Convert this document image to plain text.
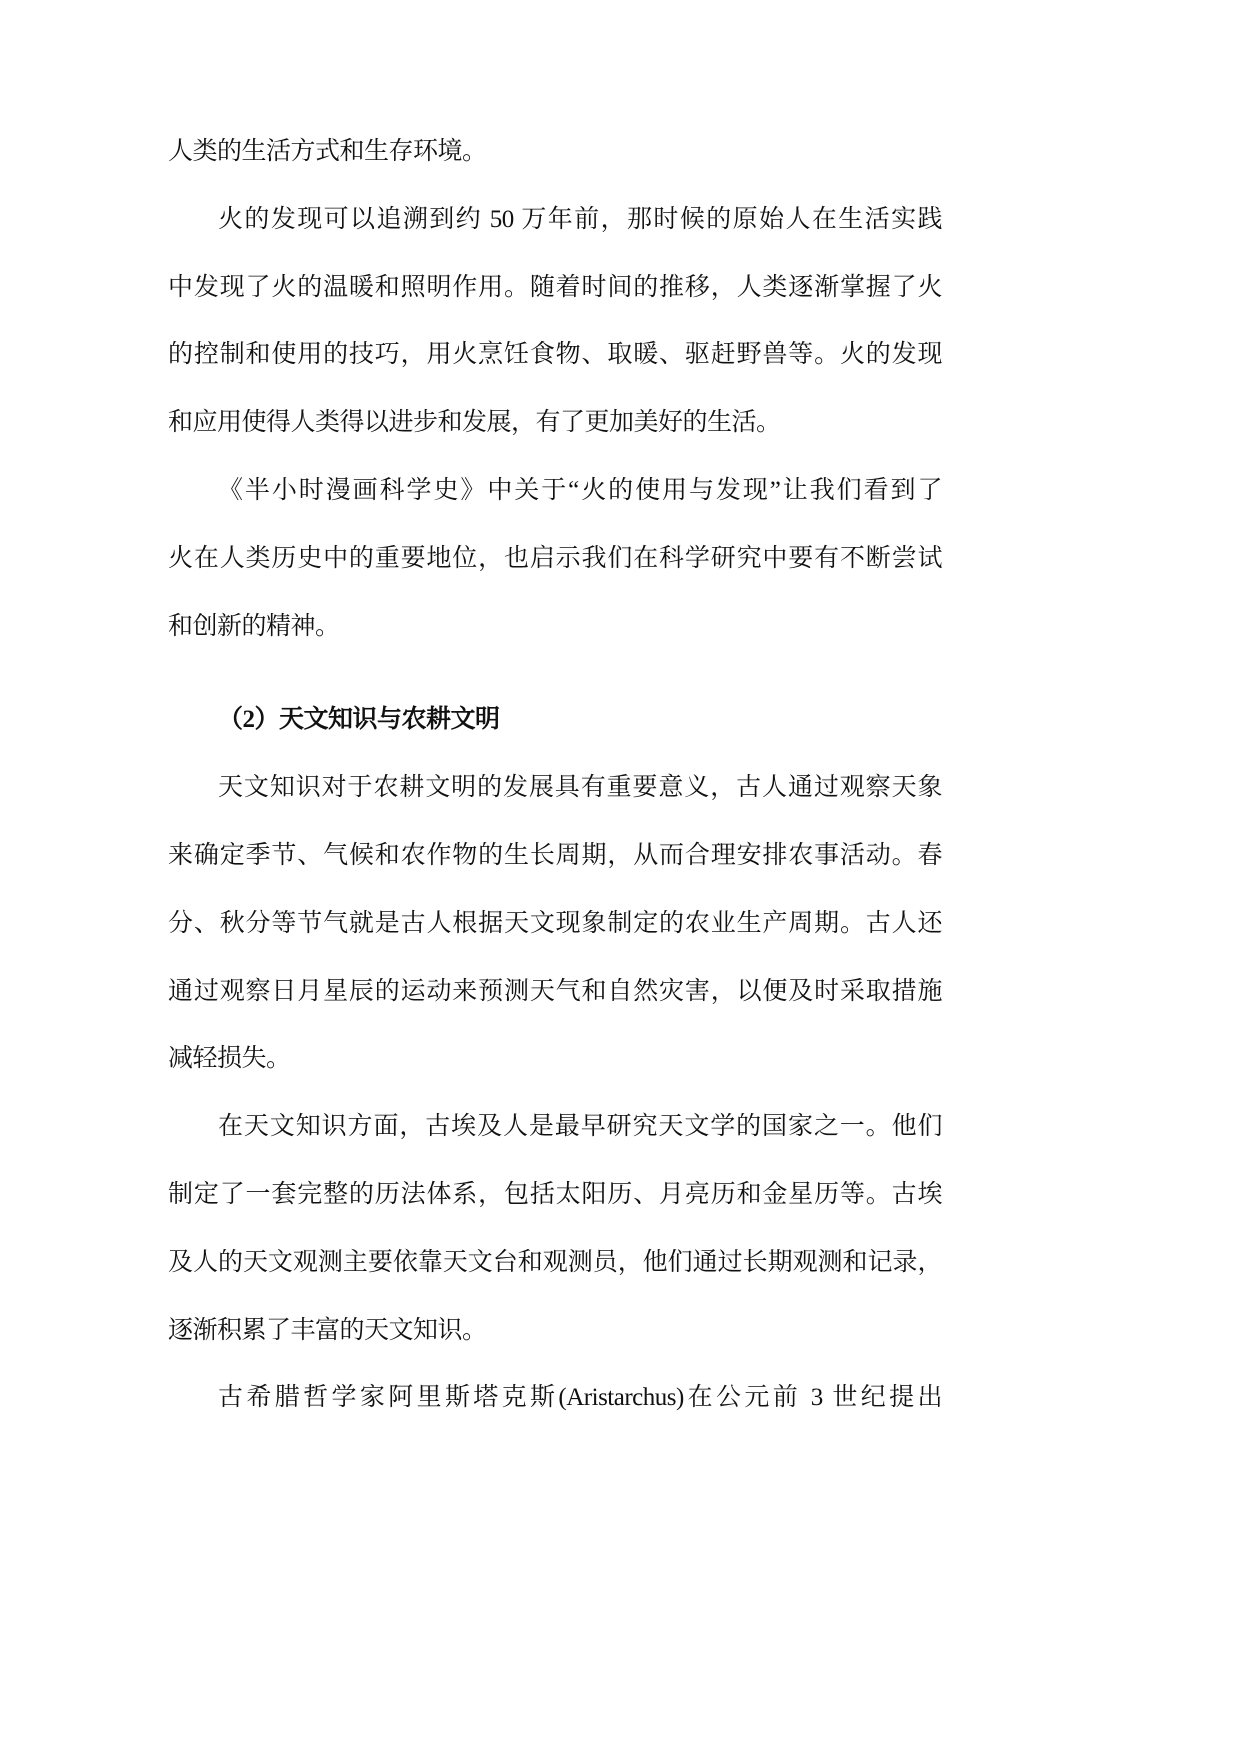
人类的生活方式和生存环境。
火的发现可以追溯到约 50 万年前，那时候的原始人在生活实践
中发现了火的温暖和照明作用。随着时间的推移，人类逐渐掌握了火
的控制和使用的技巧，用火烹饪食物、取暖、驱赶野兽等。火的发现
和应用使得人类得以进步和发展，有了更加美好的生活。
《半小时漫画科学史》中关于“火的使用与发现”让我们看到了
火在人类历史中的重要地位，也启示我们在科学研究中要有不断尝试
和创新的精神。
（2）天文知识与农耕文明
天文知识对于农耕文明的发展具有重要意义，古人通过观察天象
来确定季节、气候和农作物的生长周期，从而合理安排农事活动。春
分、秋分等节气就是古人根据天文现象制定的农业生产周期。古人还
通过观察日月星辰的运动来预测天气和自然灾害，以便及时采取措施
减轻损失。
在天文知识方面，古埃及人是最早研究天文学的国家之一。他们
制定了一套完整的历法体系，包括太阳历、月亮历和金星历等。古埃
及人的天文观测主要依靠天文台和观测员，他们通过长期观测和记录，
逐渐积累了丰富的天文知识。
古希腊哲学家阿里斯塔克斯(Aristarchus)在公元前 3 世纪提出
